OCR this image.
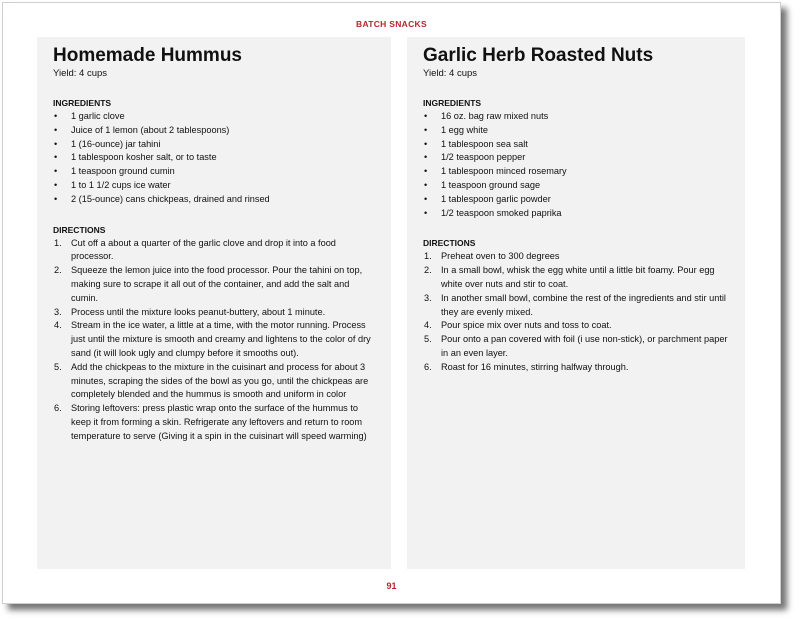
BATCH SNACKS
Homemade Hummus
Yield: 4 cups
INGREDIENTS
• 1 garlic clove
• Juice of 1 lemon (about 2 tablespoons)
• 1 (16-ounce) jar tahini
• 1 tablespoon kosher salt, or to taste
• 1 teaspoon ground cumin
• 1 to 1 1/2 cups ice water
• 2 (15-ounce) cans chickpeas, drained and rinsed
DIRECTIONS
1. Cut off a about a quarter of the garlic clove and drop it into a food processor.
2. Squeeze the lemon juice into the food processor. Pour the tahini on top, making sure to scrape it all out of the container, and add the salt and cumin.
3. Process until the mixture looks peanut-buttery, about 1 minute.
4. Stream in the ice water, a little at a time, with the motor running. Process just until the mixture is smooth and creamy and lightens to the color of dry sand (it will look ugly and clumpy before it smooths out).
5. Add the chickpeas to the mixture in the cuisinart and process for about 3 minutes, scraping the sides of the bowl as you go, until the chickpeas are completely blended and the hummus is smooth and uniform in color
6. Storing leftovers: press plastic wrap onto the surface of the hummus to keep it from forming a skin. Refrigerate any leftovers and return to room temperature to serve (Giving it a spin in the cuisinart will speed warming)
Garlic Herb Roasted Nuts
Yield: 4 cups
INGREDIENTS
• 16 oz. bag raw mixed nuts
• 1 egg white
• 1 tablespoon sea salt
• 1/2 teaspoon pepper
• 1 tablespoon minced rosemary
• 1 teaspoon ground sage
• 1 tablespoon garlic powder
• 1/2 teaspoon smoked paprika
DIRECTIONS
1. Preheat oven to 300 degrees
2. In a small bowl, whisk the egg white until a little bit foamy. Pour egg white over nuts and stir to coat.
3. In another small bowl, combine the rest of the ingredients and stir until they are evenly mixed.
4. Pour spice mix over nuts and toss to coat.
5. Pour onto a pan covered with foil (i use non-stick), or parchment paper in an even layer.
6. Roast for 16 minutes, stirring halfway through.
91
